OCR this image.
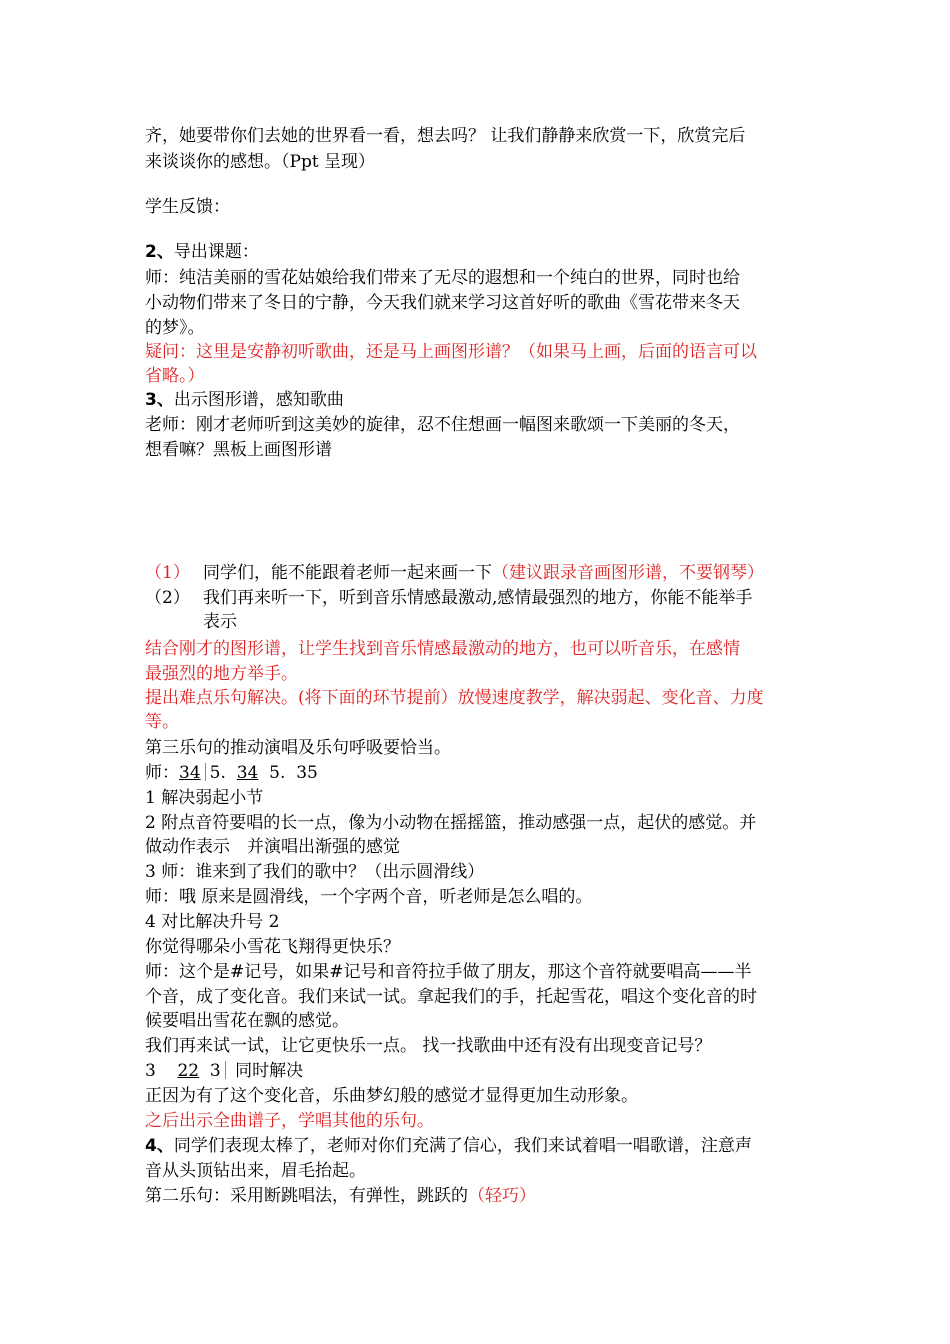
齐，她要带你们去她的世界看一看，想去吗？ 让我们静静来欣赏一下，欣赏完后
来谈谈你的感想。（Ppt 呈现）
学生反馈：
2、导出课题：
师：纯洁美丽的雪花姑娘给我们带来了无尽的遐想和一个纯白的世界，同时也给
小动物们带来了冬日的宁静，今天我们就来学习这首好听的歌曲《雪花带来冬天
的梦》。
疑问：这里是安静初听歌曲，还是马上画图形谱？（如果马上画，后面的语言可以
省略。）
3、出示图形谱，感知歌曲
老师：刚才老师听到这美妙的旋律，忍不住想画一幅图来歌颂一下美丽的冬天，
想看嘛？黑板上画图形谱
（1） 同学们，能不能跟着老师一起来画一下（建议跟录音画图形谱，不要钢琴）
（2） 我们再来听一下，听到音乐情感最激动,感情最强烈的地方，你能不能举手
表示
结合刚才的图形谱，让学生找到音乐情感最激动的地方，也可以听音乐，在感情
最强烈的地方举手。
提出难点乐句解决。(将下面的环节提前）放慢速度教学，解决弱起、变化音、力度
等。
第三乐句的推动演唱及乐句呼吸要恰当。
师：34 5. 34 5. 35
1 解决弱起小节
2 附点音符要唱的长一点，像为小动物在摇摇篮，推动感强一点，起伏的感觉。并
做动作表示　并演唱出渐强的感觉
3 师：谁来到了我们的歌中？（出示圆滑线）
师：哦 原来是圆滑线，一个字两个音，听老师是怎么唱的。
4 对比解决升号 2
你觉得哪朵小雪花飞翔得更快乐？
师：这个是#记号，如果#记号和音符拉手做了朋友，那这个音符就要唱高——半
个音，成了变化音。我们来试一试。拿起我们的手，托起雪花，唱这个变化音的时
候要唱出雪花在飘的感觉。
我们再来试一试，让它更快乐一点。 找一找歌曲中还有没有出现变音记号？
3 22 3 同时解决
正因为有了这个变化音，乐曲梦幻般的感觉才显得更加生动形象。
之后出示全曲谱子，学唱其他的乐句。
4、同学们表现太棒了，老师对你们充满了信心，我们来试着唱一唱歌谱，注意声
音从头顶钻出来，眉毛抬起。
第二乐句：采用断跳唱法，有弹性，跳跃的（轻巧）
